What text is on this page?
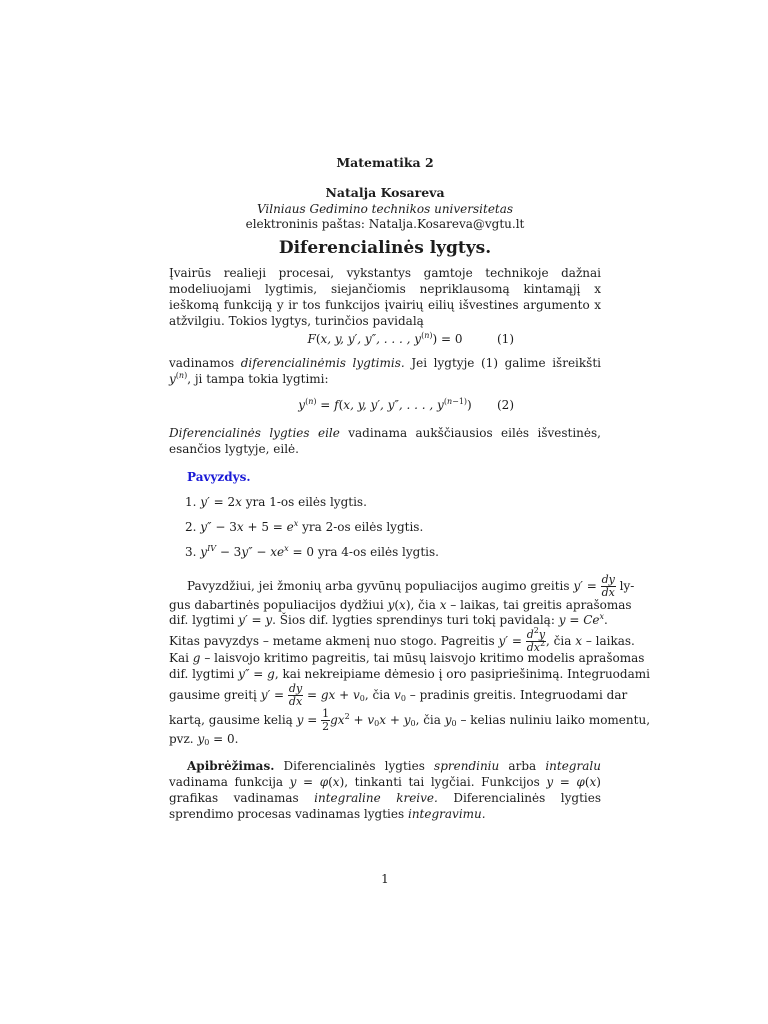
Matematika 2
Natalja Kosareva
Vilniaus Gedimino technikos universitetas
elektroninis paštas: Natalja.Kosareva@vgtu.lt
Diferencialinės lygtys.

Įvairūs realieji procesai, vykstantys gamtoje technikoje dažnai modeliuojami lygtimis, siejančiomis nepriklausomą kintamąjį x ieškomą funkciją y ir tos funkcijos įvairių eilių išvestines argumento x atžvilgiu. Tokios lygtys, turinčios pavidalą

F(x, y, y′, y″, . . . , $y^{(n)}) = 0$	(1)

vadinamos diferencialinėmis lygtimis. Jei lygtyje (1) galime išreikšti $y^{(n)}$, ji tampa tokia lygtimi:

$y^{(n)} = f(x$, y, y′, y″, . . . , $y^{(n-1)}$)	(2)

Diferencialinės lygties eile vadinama aukščiausios eilės išvestinės, esančios lygtyje, eilė.

Pavyzdys.
1. y′ = 2x yra 1-os eilės lygtis.
2. $y'' - 3x + 5 = e^x$ yra 2-os eilės lygtis.
3. $y^{IV} - 3y'' - xe^x = 0$ yra 4-os eilės lygtis.
Pavyzdžiui, jei žmonių arba gyvūnų populiacijos augimo greitis $y' = \frac{dy}{dx} ly-$
gus dabartinės populiacijos dydžiui y(x), čia x – laikas, tai greitis aprašomas
dif. lygtimi y′ = y. Šios dif. lygties sprendinys turi tokį pavidalą: $y = Ce^x$.
Kitas pavyzdys – metame akmenį nuo stogo. Pagreitis $y' = \frac{d^2y}{dx^2}$ , čia x – laikas.
Kai g – laisvojo kritimo pagreitis, tai mūsų laisvojo kritimo modelis aprašomas
dif. lygtimi y″ = g, kai nekreipiame dėmesio į oro pasipriešinimą. Integruodami
gausime greitį $y' = \frac{dy}{dx}$ = gx + $v_0$, čia $v_0$ – pradinis greitis. Integruodami dar
kartą, gausime kelią $y = \frac{1}{2} gx^2 + v_0x + y_0$, čia $y_0$ – kelias nuliniu laiko momentu,
pvz. $y_0 = 0$.

Apibrėžimas. Diferencialinės lygties sprendiniu arba integralu vadinama funkcija y = φ(x), tinkanti tai lygčiai. Funkcijos y = φ(x) grafikas vadinamas integraline kreive. Diferencialinės lygties sprendimo procesas vadinamas lygties integravimu.

1
